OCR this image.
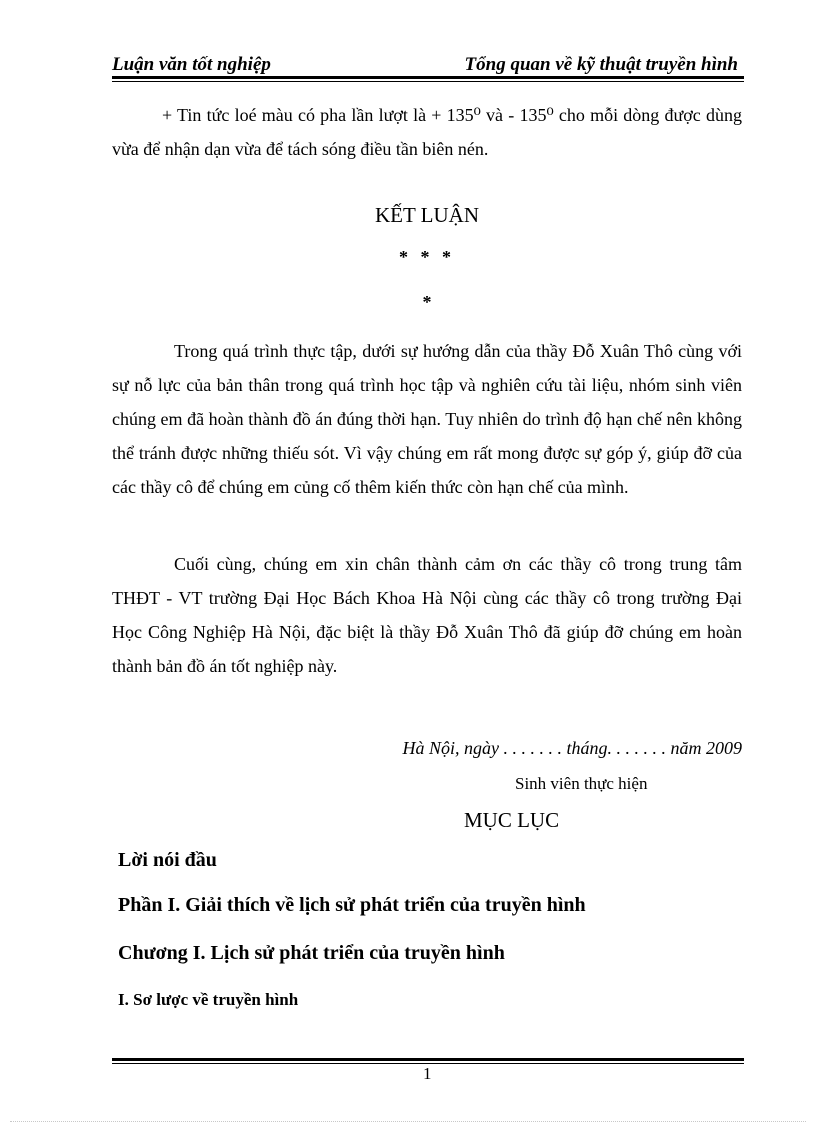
Luận văn tốt nghiệp	Tổng quan về kỹ thuật truyền hình

+ Tin tức loé màu có pha lần lượt là + 135⁰ và - 135⁰ cho mỗi dòng được dùng vừa để nhận dạn vừa để tách sóng điều tần biên nén.

KẾT LUẬN
* * *
*

Trong quá trình thực tập, dưới sự hướng dẫn của thầy Đỗ Xuân Thô cùng với sự nỗ lực của bản thân trong quá trình học tập và nghiên cứu tài liệu, nhóm sinh viên chúng em đã hoàn thành đồ án đúng thời hạn. Tuy nhiên do trình độ hạn chế nên không thể tránh được những thiếu sót. Vì vậy chúng em rất mong được sự góp ý, giúp đỡ của các thầy cô để chúng em củng cố thêm kiến thức còn hạn chế của mình.

Cuối cùng, chúng em xin chân thành cảm ơn các thầy cô trong trung tâm THĐT - VT trường Đại Học Bách Khoa Hà Nội cùng các thầy cô trong trường Đại Học Công Nghiệp Hà Nội, đặc biệt là thầy Đỗ Xuân Thô đã giúp đỡ chúng em hoàn thành bản đồ án tốt nghiệp này.

Hà Nội, ngày . . . . . . . tháng. . . . . . . năm 2009
Sinh viên thực hiện
MỤC LỤC
Lời nói đầu
Phần I. Giải thích về lịch sử phát triển của truyền hình
Chương I. Lịch sử phát triển của truyền hình
I. Sơ lược về truyền hình
1
